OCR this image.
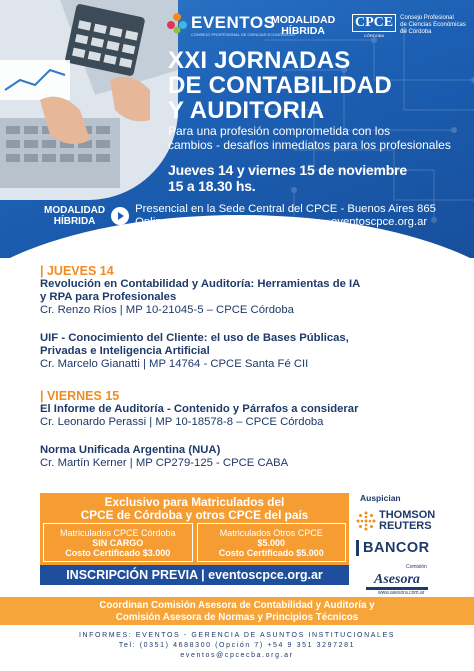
EVENTOS
CONSEJO PROFESIONAL DE CIENCIAS ECONÓMICAS
MODALIDAD
HÍBRIDA
CPCE
CÓRDOBA
Consejo Profesional
de Ciencias Económicas
de Córdoba
XXI JORNADAS
DE CONTABILIDAD
Y AUDITORIA
Para una profesión comprometida con los
cambios - desafíos inmediatos para los profesionales
Jueves 14 y viernes 15 de noviembre
15 a 18.30 hs.
MODALIDAD
HÍBRIDA
Presencial en la Sede Central del CPCE - Buenos Aires 865
Online a través de la web de eventos - eventoscpce.org.ar
| JUEVES 14
Revolución en Contabilidad y Auditoría: Herramientas de IA
y RPA para Profesionales
Cr. Renzo Ríos | MP 10-21045-5 – CPCE Córdoba
UIF - Conocimiento del Cliente: el uso de Bases Públicas,
Privadas e Inteligencia Artificial
Cr. Marcelo Gianatti | MP 14764 - CPCE Santa Fé CII
| VIERNES 15
El Informe de Auditoría - Contenido y Párrafos a considerar
Cr. Leonardo Perassi | MP 10-18578-8 – CPCE Córdoba
Norma Unificada Argentina (NUA)
Cr. Martín Kerner | MP CP279-125 - CPCE CABA
Exclusivo para Matriculados del
CPCE de Córdoba y otros CPCE del país
Matriculados CPCE Córdoba
SIN CARGO
Costo Certificado $3.000
Matriculados Otros CPCE
$5.000
Costo Certificado $5.000
INSCRIPCIÓN PREVIA | eventoscpce.org.ar
Auspician
THOMSON
REUTERS
BANCOR
Comisión
Asesora
www.asesora.com.ar
Coordinan Comisión Asesora de Contabilidad y Auditoría y
Comisión Asesora de Normas y Principios Técnicos
INFORMES: EVENTOS - GERENCIA DE ASUNTOS INSTITUCIONALES
Tel: (0351) 4688300 (Opción 7) +54 9 351 3297281
eventos@cpcecba.org.ar
